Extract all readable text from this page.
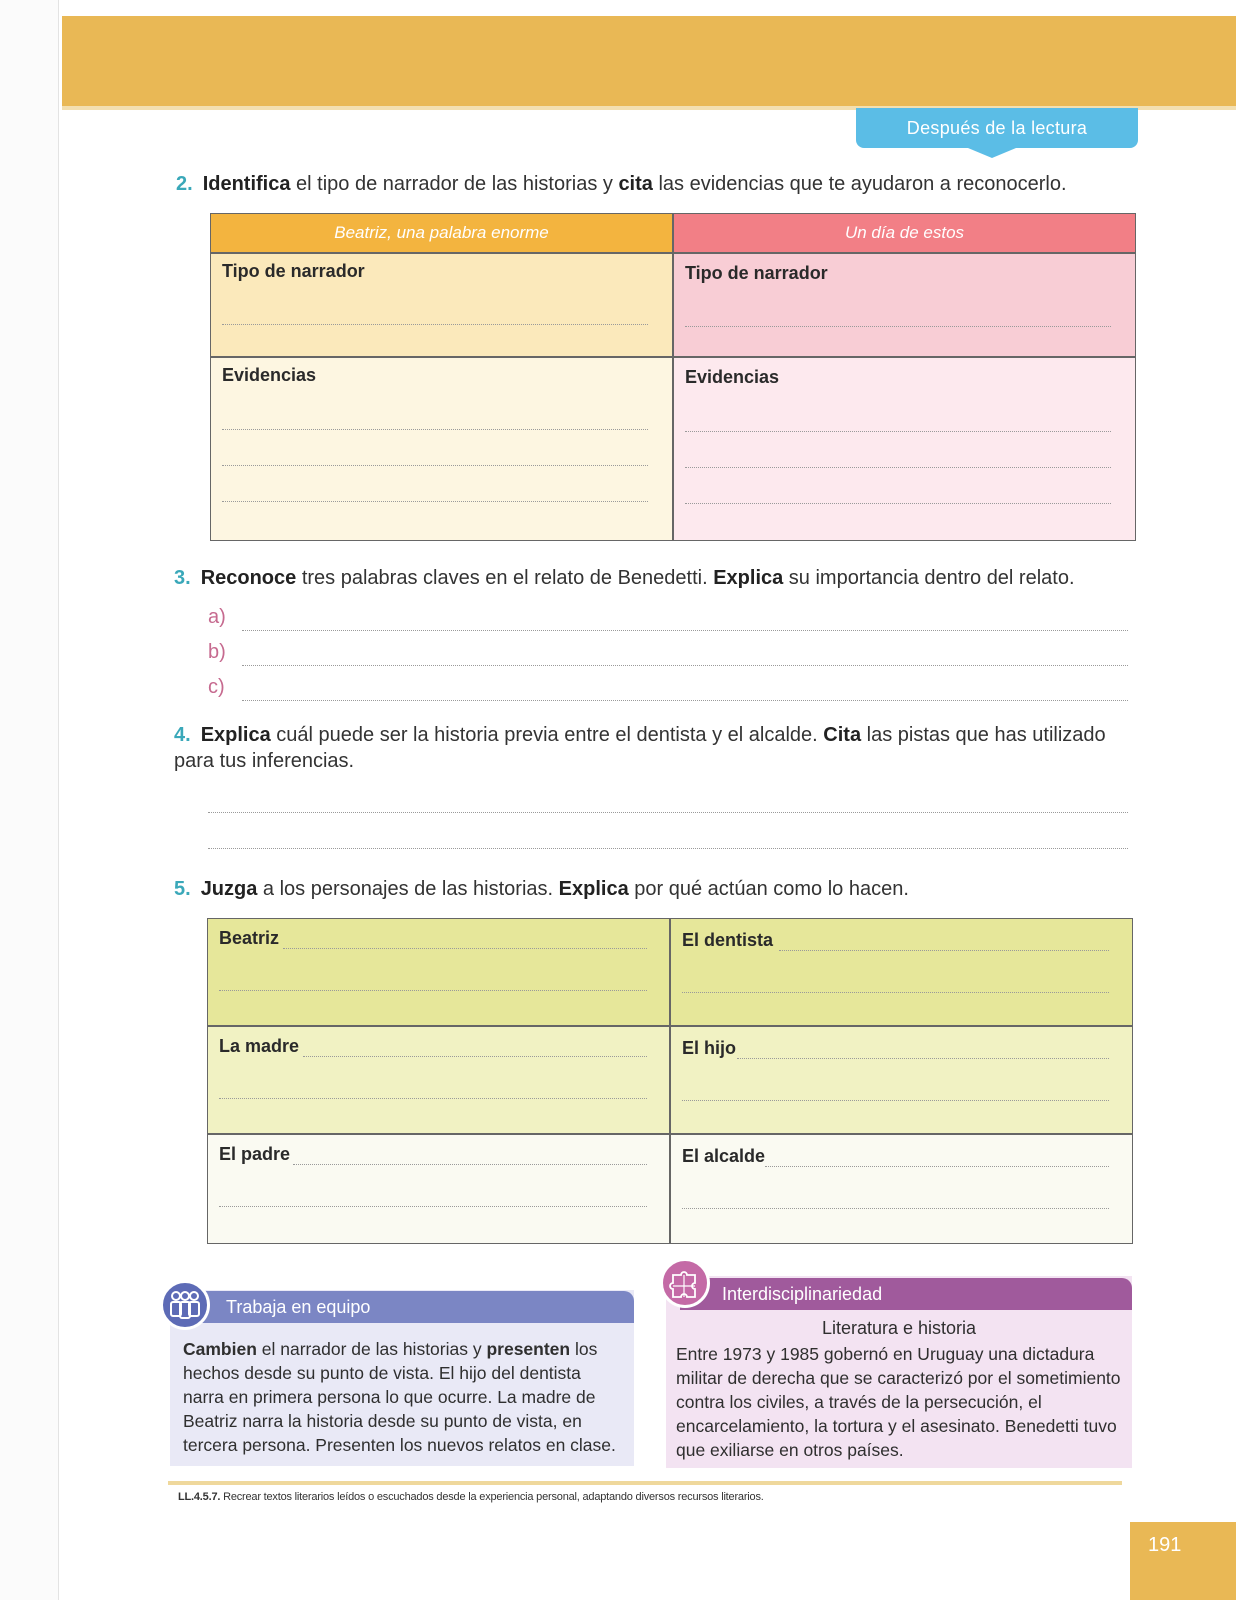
Después de la lectura
2. Identifica el tipo de narrador de las historias y cita las evidencias que te ayudaron a reconocerlo.
Beatriz, una palabra enorme	Un día de estos
Tipo de narrador	Tipo de narrador
Evidencias	Evidencias
3. Reconoce tres palabras claves en el relato de Benedetti. Explica su importancia dentro del relato.
a)
b)
c)
4. Explica cuál puede ser la historia previa entre el dentista y el alcalde. Cita las pistas que has utilizado para tus inferencias.
5. Juzga a los personajes de las historias. Explica por qué actúan como lo hacen.
Beatriz	El dentista
La madre	El hijo
El padre	El alcalde
Trabaja en equipo
Cambien el narrador de las historias y presenten los hechos desde su punto de vista. El hijo del dentista narra en primera persona lo que ocurre. La madre de Beatriz narra la historia desde su punto de vista, en tercera persona. Presenten los nuevos relatos en clase.
Interdisciplinariedad
Literatura e historia
Entre 1973 y 1985 gobernó en Uruguay una dictadura militar de derecha que se caracterizó por el sometimiento contra los civiles, a través de la persecución, el encarcelamiento, la tortura y el asesinato. Benedetti tuvo que exiliarse en otros países.
LL.4.5.7. Recrear textos literarios leídos o escuchados desde la experiencia personal, adaptando diversos recursos literarios.
191
